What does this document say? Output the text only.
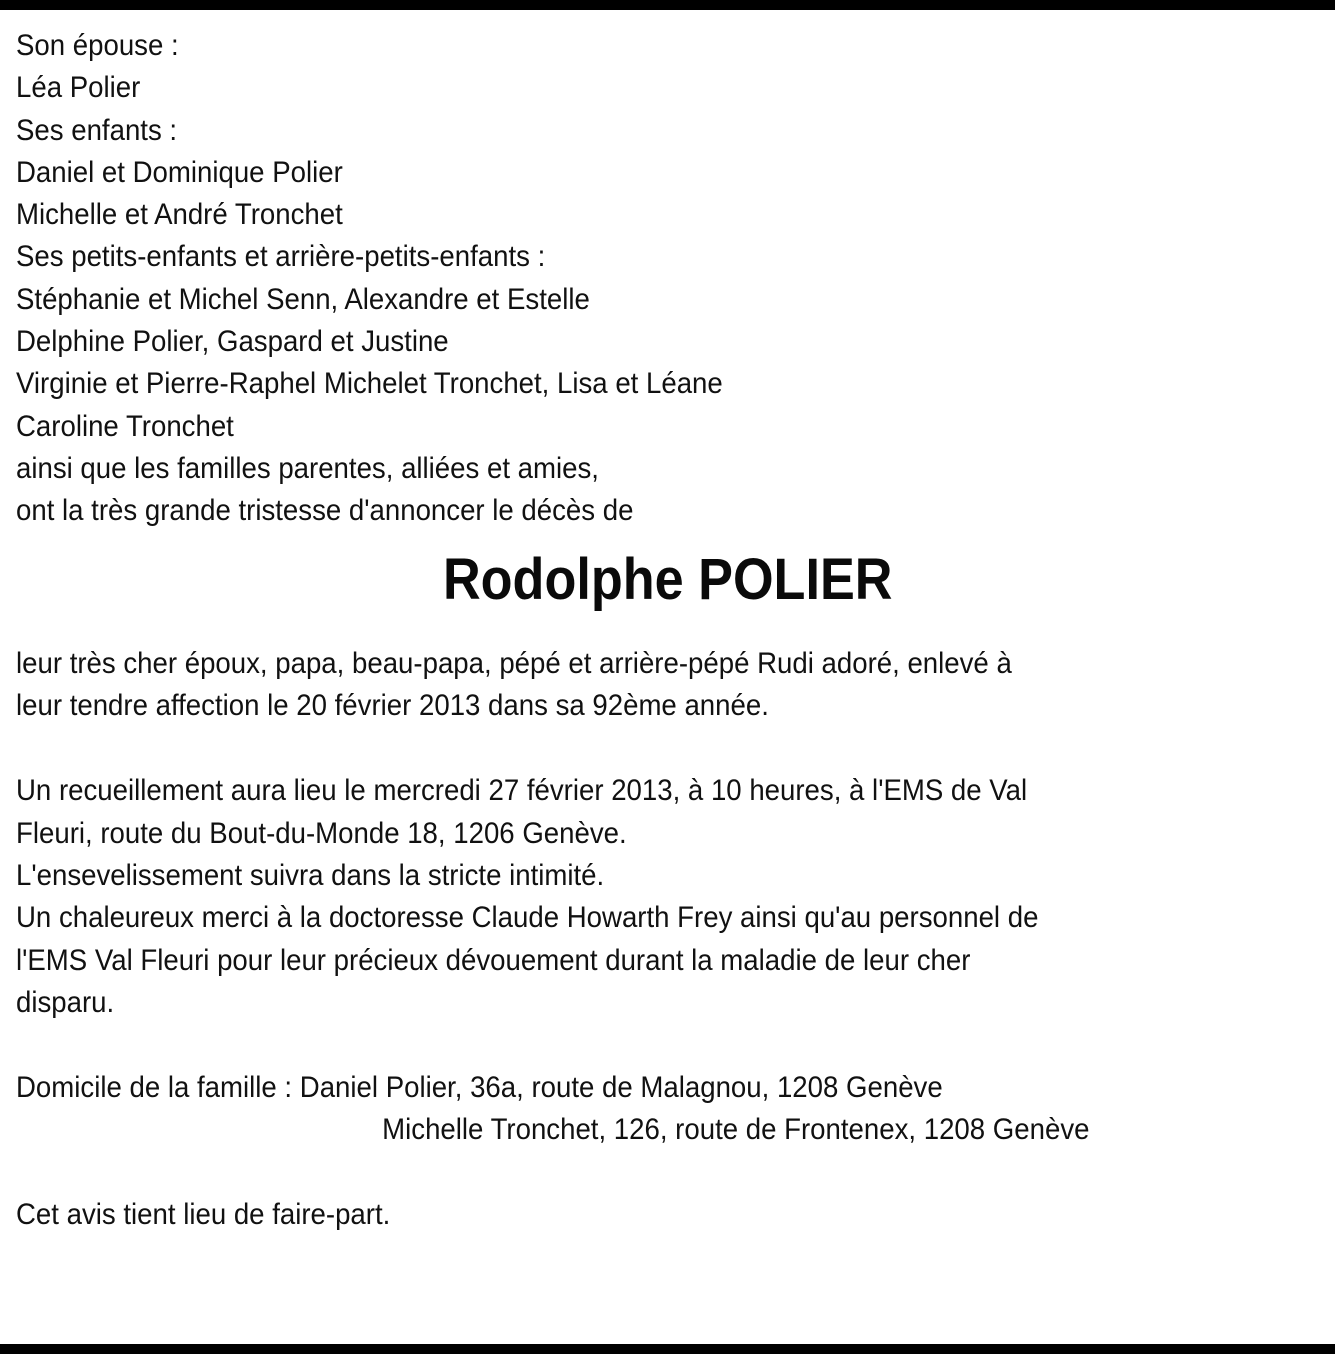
Son épouse :
Léa Polier
Ses enfants :
Daniel et Dominique Polier
Michelle et André Tronchet
Ses petits-enfants et arrière-petits-enfants :
Stéphanie et Michel Senn, Alexandre et Estelle
Delphine Polier, Gaspard et Justine
Virginie et Pierre-Raphel Michelet Tronchet, Lisa et Léane
Caroline Tronchet
ainsi que les familles parentes, alliées et amies,
ont la très grande tristesse d'annoncer le décès de
Rodolphe POLIER
leur très cher époux, papa, beau-papa, pépé et arrière-pépé Rudi adoré, enlevé à
leur tendre affection le 20 février 2013 dans sa 92ème année.
Un recueillement aura lieu le mercredi 27 février 2013, à 10 heures, à l'EMS de Val
Fleuri, route du Bout-du-Monde 18, 1206 Genève.
L'ensevelissement suivra dans la stricte intimité.
Un chaleureux merci à la doctoresse Claude Howarth Frey ainsi qu'au personnel de
l'EMS Val Fleuri pour leur précieux dévouement durant la maladie de leur cher
disparu.
Domicile de la famille : Daniel Polier, 36a, route de Malagnou, 1208 Genève
Michelle Tronchet, 126, route de Frontenex, 1208 Genève
Cet avis tient lieu de faire-part.
